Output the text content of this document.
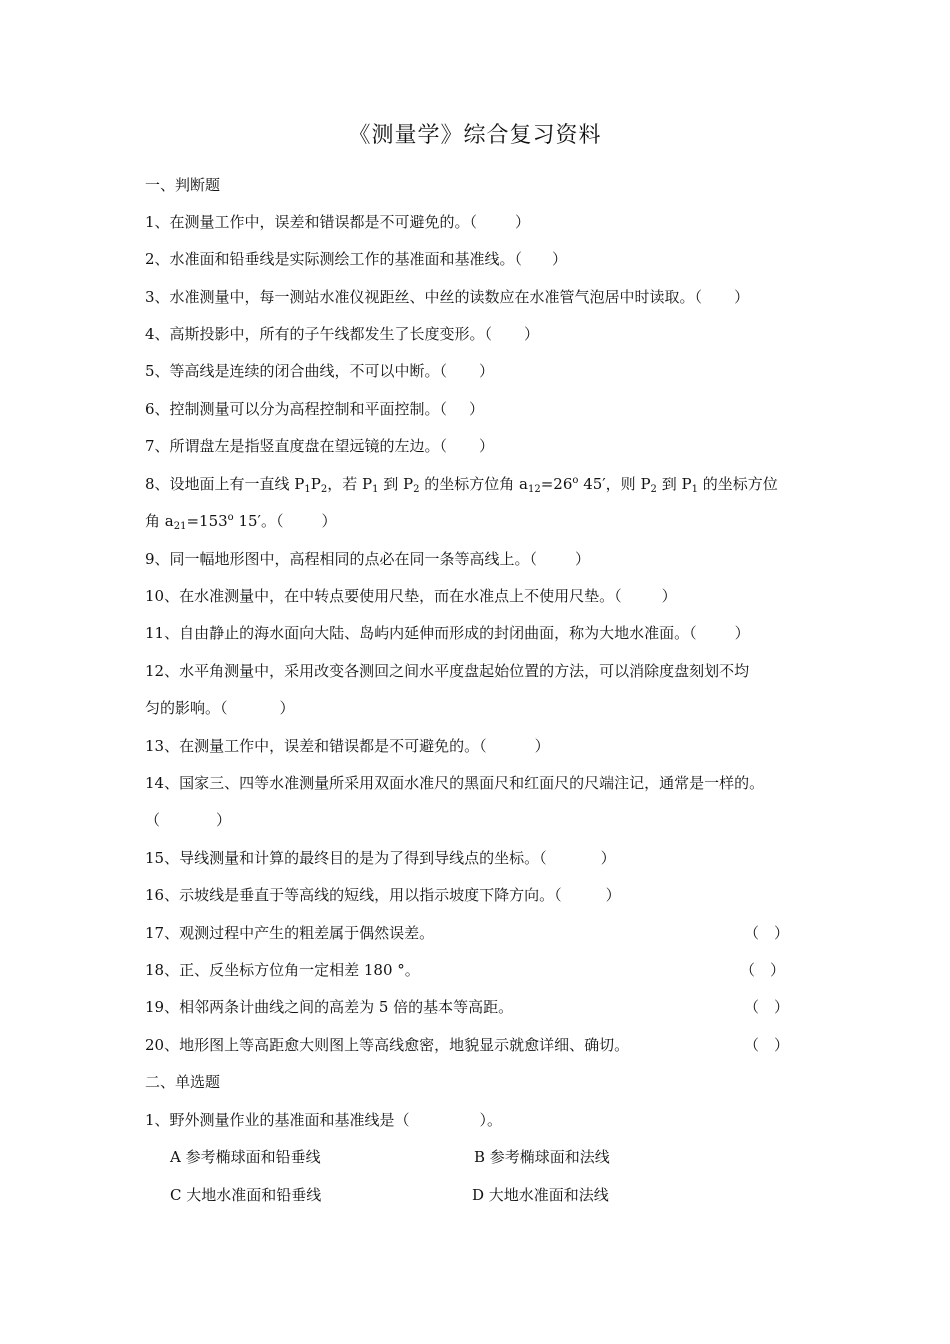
《测量学》综合复习资料
一、判断题
1、在测量工作中，误差和错误都是不可避免的。（	）
2、水准面和铅垂线是实际测绘工作的基准面和基准线。（ ）
3、水准测量中，每一测站水准仪视距丝、中丝的读数应在水准管气泡居中时读取。（ ）
4、高斯投影中，所有的子午线都发生了长度变形。（ ）
5、等高线是连续的闭合曲线，不可以中断。（ ）
6、控制测量可以分为高程控制和平面控制。（ ）
7、所谓盘左是指竖直度盘在望远镜的左边。（ ）
8、设地面上有一直线 $P_1P_2$，若 $P_1$ 到 $P_2$ 的坐标方位角 $a_{12}=26^o$ 45′，则 $P_2$ 到 $P_1$ 的坐标方位
角 $a_{21}=153^o$ 15′。（	）
9、同一幅地形图中，高程相同的点必在同一条等高线上。（	）
10、在水准测量中，在中转点要使用尺垫，而在水准点上不使用尺垫。（	）
11、自由静止的海水面向大陆、岛屿内延伸而形成的封闭曲面，称为大地水准面。（	）
12、水平角测量中，采用改变各测回之间水平度盘起始位置的方法，可以消除度盘刻划不均
匀的影响。（	）
13、在测量工作中，误差和错误都是不可避免的。（	）
14、国家三、四等水准测量所采用双面水准尺的黑面尺和红面尺的尺端注记，通常是一样的。
（	）
15、导线测量和计算的最终目的是为了得到导线点的坐标。（	）
16、示坡线是垂直于等高线的短线，用以指示坡度下降方向。（	）
17、观测过程中产生的粗差属于偶然误差。	（　）
18、正、反坐标方位角一定相差 180 °。	（　）
19、相邻两条计曲线之间的高差为 5 倍的基本等高距。	（　）
20、地形图上等高距愈大则图上等高线愈密，地貌显示就愈详细、确切。	（　）
二、单选题
1、野外测量作业的基准面和基准线是（	）。
A 参考椭球面和铅垂线	B 参考椭球面和法线
C 大地水准面和铅垂线	D 大地水准面和法线
